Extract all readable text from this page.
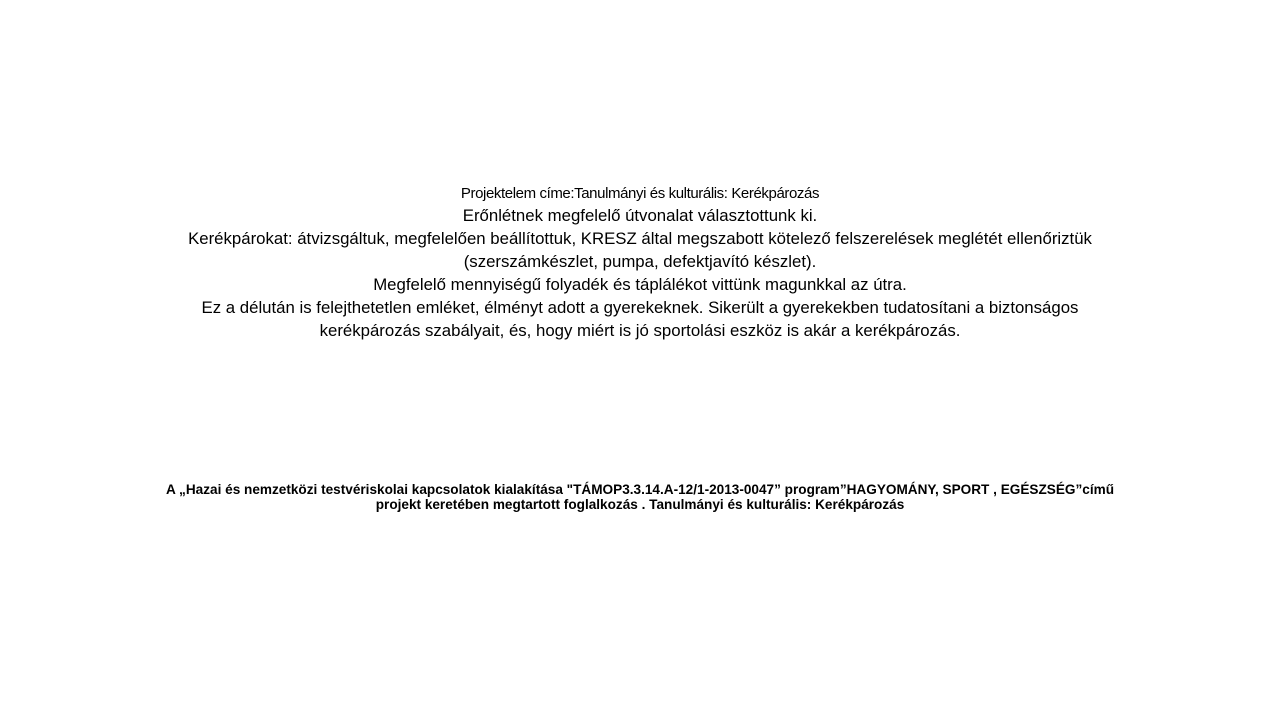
Projektelem címe:Tanulmányi és kulturális: Kerékpározás

Erőnlétnek megfelelő útvonalat választottunk ki.

Kerékpárokat: átvizsgáltuk, megfelelően beállítottuk, KRESZ által megszabott kötelező felszerelések meglétét ellenőriztük (szerszámkészlet, pumpa, defektjavító készlet).

Megfelelő mennyiségű folyadék és táplálékot vittünk magunkkal az útra.

Ez a délután is felejthetetlen emléket, élményt adott a gyerekeknek. Sikerült a gyerekekben tudatosítani a biztonságos kerékpározás szabályait, és, hogy miért is jó sportolási eszköz is akár a kerékpározás.

A „Hazai és nemzetközi testvériskolai kapcsolatok kialakítása "TÁMOP3.3.14.A-12/1-2013-0047” program”HAGYOMÁNY, SPORT , EGÉSZSÉG”című projekt keretében megtartott foglalkozás . Tanulmányi és kulturális: Kerékpározás
